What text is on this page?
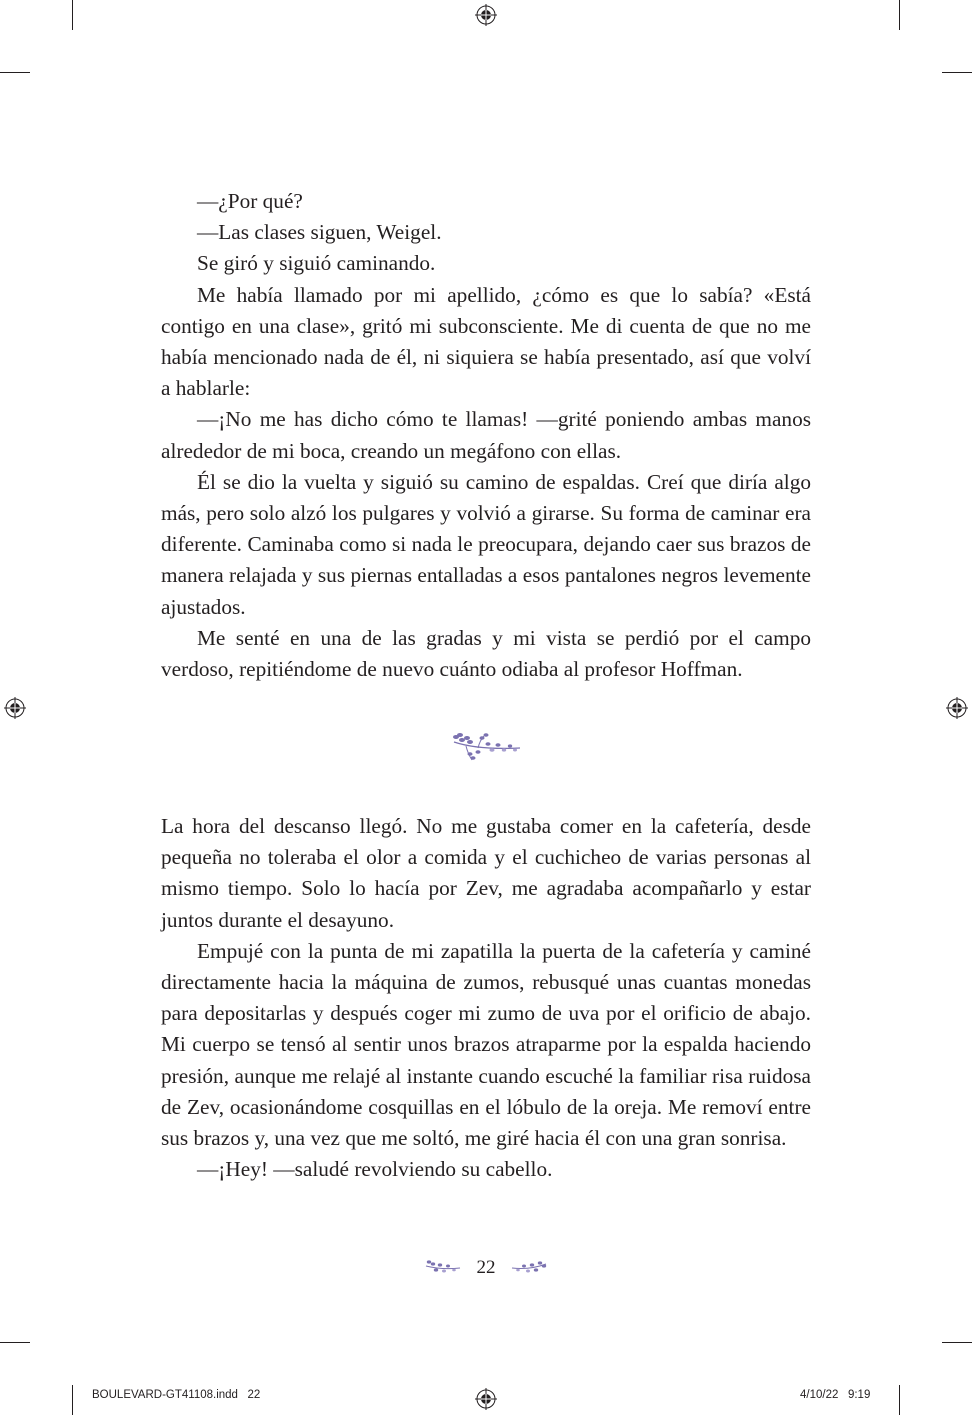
—¿Por qué?

—Las clases siguen, Weigel.

Se giró y siguió caminando.

Me había llamado por mi apellido, ¿cómo es que lo sabía? «Está contigo en una clase», gritó mi subconsciente. Me di cuenta de que no me había mencionado nada de él, ni siquiera se había presentado, así que volví a hablarle:

—¡No me has dicho cómo te llamas! —grité poniendo ambas manos alrededor de mi boca, creando un megáfono con ellas.

Él se dio la vuelta y siguió su camino de espaldas. Creí que diría algo más, pero solo alzó los pulgares y volvió a girarse. Su forma de caminar era diferente. Caminaba como si nada le preocupara, dejando caer sus brazos de manera relajada y sus piernas entalladas a esos pantalones negros levemente ajustados.

Me senté en una de las gradas y mi vista se perdió por el campo verdoso, repitiéndome de nuevo cuánto odiaba al profesor Hoffman.

La hora del descanso llegó. No me gustaba comer en la cafetería, desde pequeña no toleraba el olor a comida y el cuchicheo de varias personas al mismo tiempo. Solo lo hacía por Zev, me agradaba acompañarlo y estar juntos durante el desayuno.

Empujé con la punta de mi zapatilla la puerta de la cafetería y caminé directamente hacia la máquina de zumos, rebusqué unas cuantas monedas para depositarlas y después coger mi zumo de uva por el orificio de abajo. Mi cuerpo se tensó al sentir unos brazos atraparme por la espalda haciendo presión, aunque me relajé al instante cuando escuché la familiar risa ruidosa de Zev, ocasionándome cosquillas en el lóbulo de la oreja. Me removí entre sus brazos y, una vez que me soltó, me giré hacia él con una gran sonrisa.

—¡Hey! —saludé revolviendo su cabello.

22
BOULEVARD-GT41108.indd   22	4/10/22   9:19
